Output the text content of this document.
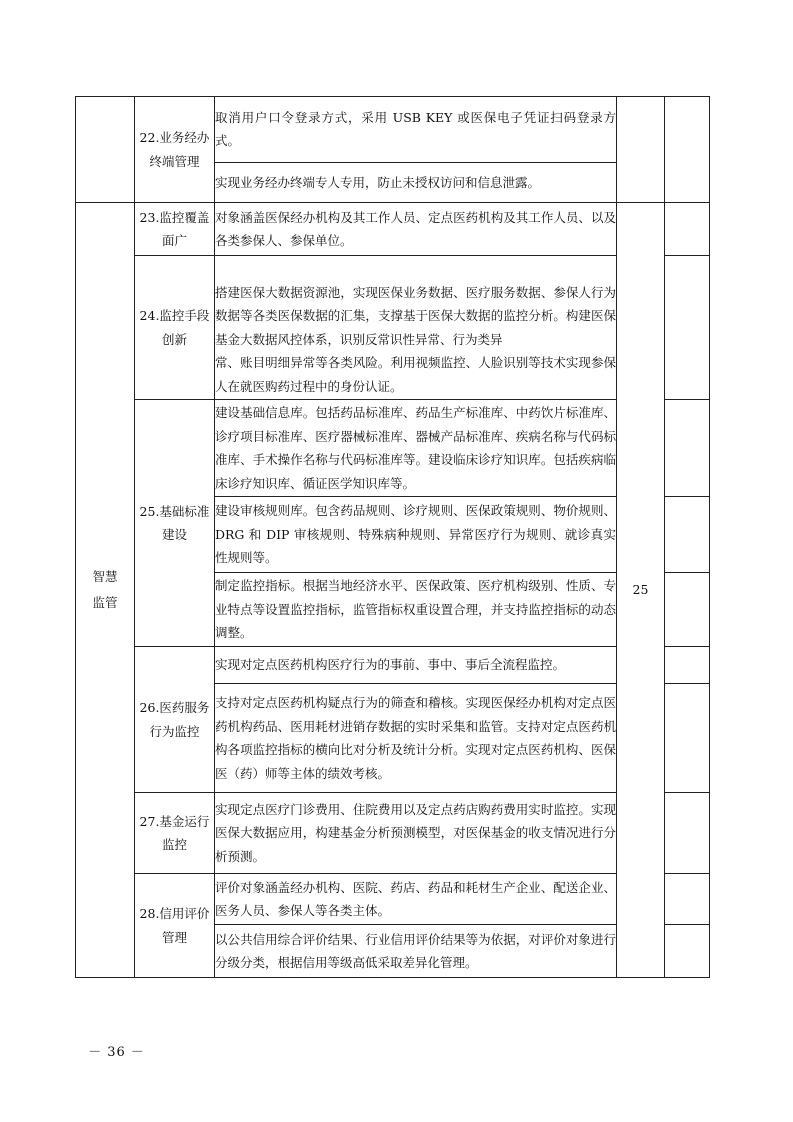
	22.业务经办终端管理	取消用户口令登录方式，采用 USB KEY 或医保电子凭证扫码登录方式。		
		实现业务经办终端专人专用，防止未授权访问和信息泄露。		

智慧监管	23.监控覆盖面广	对象涵盖医保经办机构及其工作人员、定点医药机构及其工作人员、以及各类参保人、参保单位。	25	

	24.监控手段创新	搭建医保大数据资源池，实现医保业务数据、医疗服务数据、参保人行为数据等各类医保数据的汇集，支撑基于医保大数据的监控分析。构建医保基金大数据风控体系，识别反常识性异常、行为类异
常、账目明细异常等各类风险。利用视频监控、人脸识别等技术实现参保人在就医购药过程中的身份认证。	

	25.基础标准建设	建设基础信息库。包括药品标准库、药品生产标准库、中药饮片标准库、诊疗项目标准库、医疗器械标准库、器械产品标准库、疾病名称与代码标准库、手术操作名称与代码标准库等。建设临床诊疗知识库。包括疾病临床诊疗知识库、循证医学知识库等。		
		建设审核规则库。包含药品规则、诊疗规则、医保政策规则、物价规则、DRG 和 DIP 审核规则、特殊病种规则、异常医疗行为规则、就诊真实性规则等。		
		制定监控指标。根据当地经济水平、医保政策、医疗机构级别、性质、专业特点等设置监控指标，监管指标权重设置合理，并支持监控指标的动态调整。		

	26.医药服务行为监控	实现对定点医药机构医疗行为的事前、事中、事后全流程监控。		
		支持对定点医药机构疑点行为的筛查和稽核。实现医保经办机构对定点医药机构药品、医用耗材进销存数据的实时采集和监管。支持对定点医药机构各项监控指标的横向比对分析及统计分析。实现对定点医药机构、医保医（药）师等主体的绩效考核。		

	27.基金运行监控	实现定点医疗门诊费用、住院费用以及定点药店购药费用实时监控。实现医保大数据应用，构建基金分析预测模型，对医保基金的收支情况进行分析预测。		

	28.信用评价管理	评价对象涵盖经办机构、医院、药店、药品和耗材生产企业、配送企业、医务人员、参保人等各类主体。		
		以公共信用综合评价结果、行业信用评价结果等为依据，对评价对象进行分级分类，根据信用等级高低采取差异化管理。		
－ 36 －
